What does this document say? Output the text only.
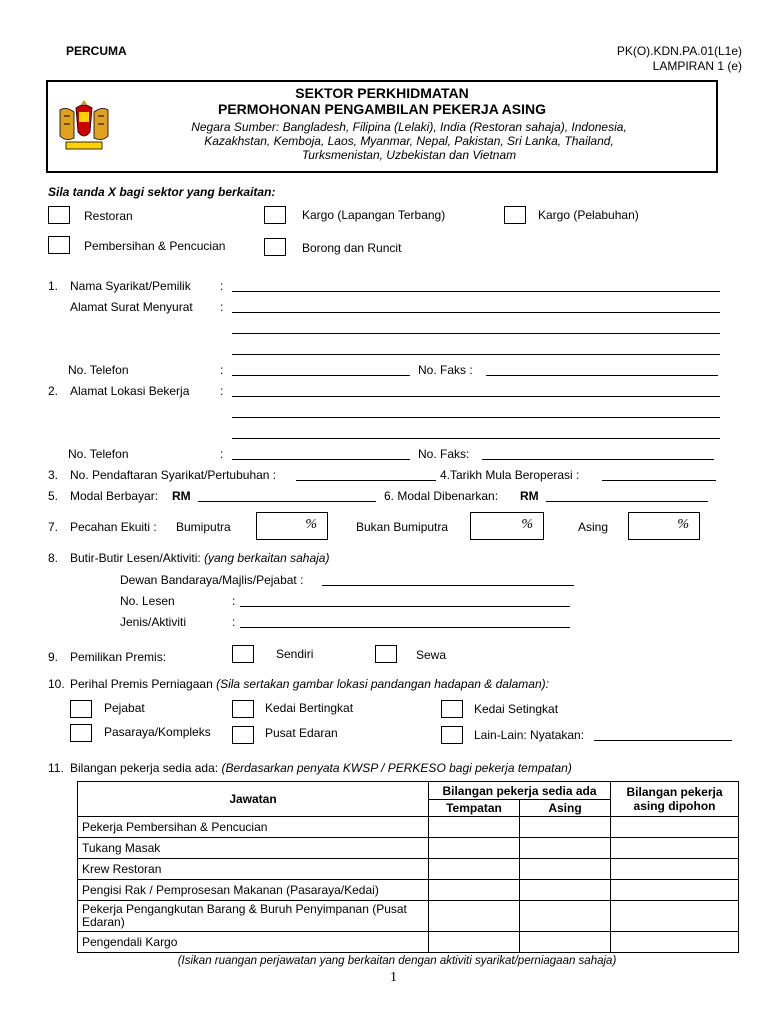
PERCUMA	PK(O).KDN.PA.01(L1e)
LAMPIRAN 1 (e)
SEKTOR PERKHIDMATAN
PERMOHONAN PENGAMBILAN PEKERJA ASING
Negara Sumber: Bangladesh, Filipina (Lelaki), India (Restoran sahaja), Indonesia,
Kazakhstan, Kemboja, Laos, Myanmar, Nepal, Pakistan, Sri Lanka, Thailand,
Turksmenistan, Uzbekistan dan Vietnam
Sila tanda X bagi sektor yang berkaitan:
Restoran	Kargo (Lapangan Terbang)	Kargo (Pelabuhan)
Pembersihan & Pencucian	Borong dan Runcit
1. Nama Syarikat/Pemilik :
Alamat Surat Menyurat :
No. Telefon	:	No. Faks :
2. Alamat Lokasi Bekerja	:
No. Telefon	:	No. Faks:
3. No. Pendaftaran Syarikat/Pertubuhan :	4.Tarikh Mula Beroperasi :
5. Modal Berbayar: RM	6. Modal Dibenarkan: RM
7. Pecahan Ekuiti : Bumiputra	%	Bukan Bumiputra	%	Asing	%
8. Butir-Butir Lesen/Aktiviti: (yang berkaitan sahaja)
Dewan Bandaraya/Majlis/Pejabat :
No. Lesen	:
Jenis/Aktiviti	:
9. Pemilikan Premis:	Sendiri	Sewa
10. Perihal Premis Perniagaan (Sila sertakan gambar lokasi pandangan hadapan & dalaman):
Pejabat	Kedai Bertingkat	Kedai Setingkat
Pasaraya/Kompleks	Pusat Edaran	Lain-Lain: Nyatakan:
11. Bilangan pekerja sedia ada: (Berdasarkan penyata KWSP / PERKESO bagi pekerja tempatan)
Jawatan	Bilangan pekerja sedia ada		Bilangan pekerja asing dipohon
	Tempatan	Asing	
Pekerja Pembersihan & Pencucian			
Tukang Masak			
Krew Restoran			
Pengisi Rak / Pemprosesan Makanan (Pasaraya/Kedai)			
Pekerja Pengangkutan Barang & Buruh Penyimpanan (Pusat Edaran)			
Pengendali Kargo			
(Isikan ruangan perjawatan yang berkaitan dengan aktiviti syarikat/perniagaan sahaja)
1
